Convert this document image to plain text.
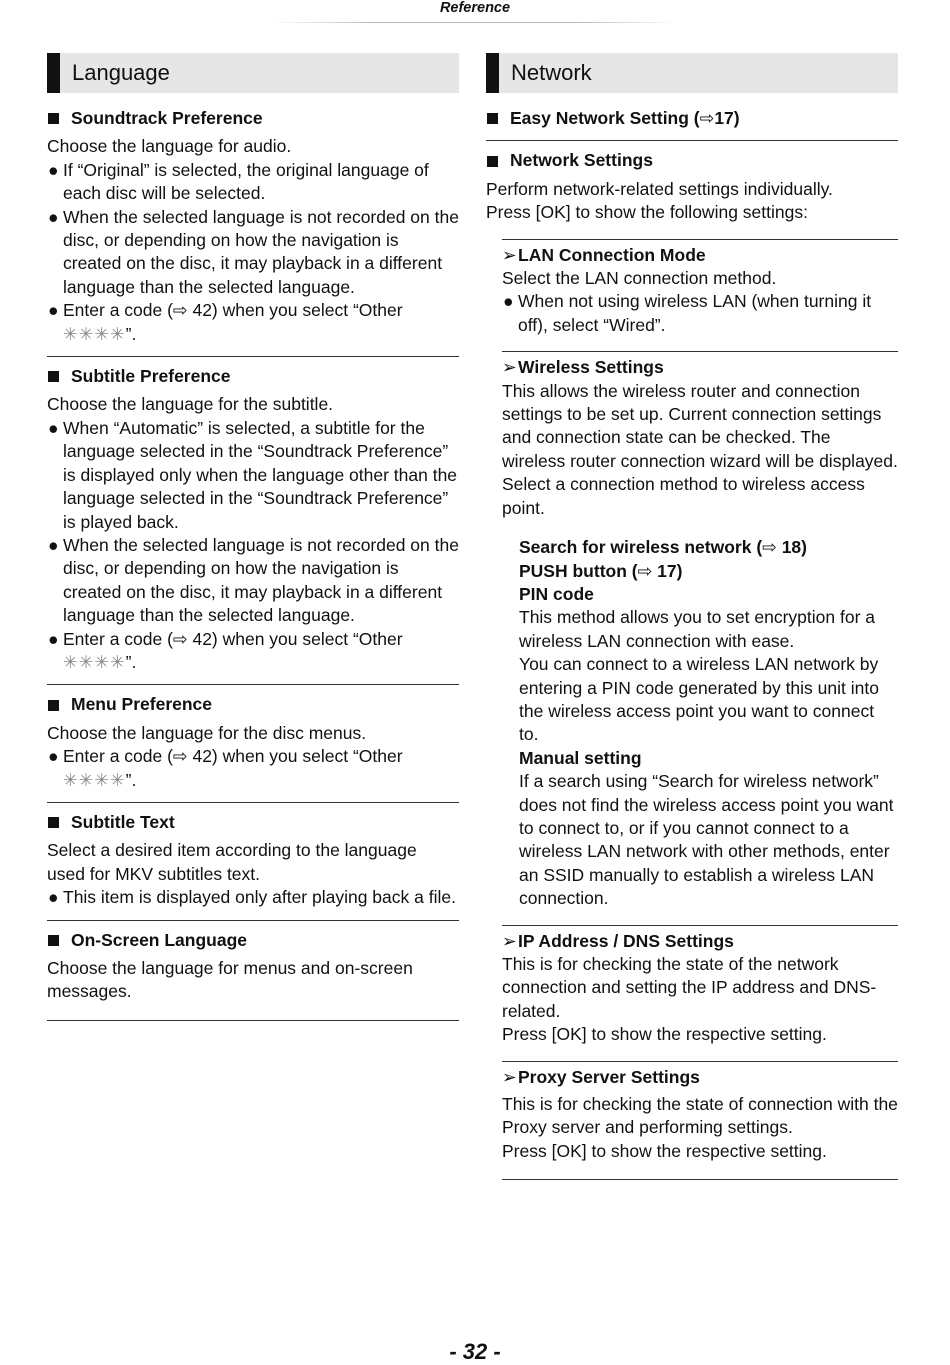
Reference
Language
Soundtrack Preference

Choose the language for audio.

● If “Original” is selected, the original language of each disc will be selected.
● When the selected language is not recorded on the disc, or depending on how the navigation is created on the disc, it may playback in a different language than the selected language.
● Enter a code (⇨ 42) when you select “Other
✳✳✳✳”.
Subtitle Preference

Choose the language for the subtitle.

● When “Automatic” is selected, a subtitle for the language selected in the “Soundtrack Preference” is displayed only when the language other than the language selected in the “Soundtrack Preference” is played back.
● When the selected language is not recorded on the disc, or depending on how the navigation is created on the disc, it may playback in a different language than the selected language.
● Enter a code (⇨ 42) when you select “Other
✳✳✳✳”.
Menu Preference

Choose the language for the disc menus.

● Enter a code (⇨ 42) when you select “Other
✳✳✳✳”.
Subtitle Text

Select a desired item according to the language used for MKV subtitles text.

● This item is displayed only after playing back a file.
On-Screen Language

Choose the language for menus and on-screen messages.

Network
Easy Network Setting ( ⇨ 17)
Network Settings

Perform network-related settings individually.

Press [OK] to show the following settings:

➢ LAN Connection Mode

Select the LAN connection method.

● When not using wireless LAN (when turning it off), select “Wired”.
➢ Wireless Settings

This allows the wireless router and connection settings to be set up. Current connection settings and connection state can be checked. The wireless router connection wizard will be displayed.

Select a connection method to wireless access point.

Search for wireless network (⇨ 18)
PUSH button (⇨ 17)
PIN code

This method allows you to set encryption for a wireless LAN connection with ease.

You can connect to a wireless LAN network by entering a PIN code generated by this unit into the wireless access point you want to connect to.

Manual setting

If a search using “Search for wireless network” does not find the wireless access point you want to connect to, or if you cannot connect to a wireless LAN network with other methods, enter an SSID manually to establish a wireless LAN connection.

➢ IP Address / DNS Settings

This is for checking the state of the network connection and setting the IP address and DNS-related.

Press [OK] to show the respective setting.

➢ Proxy Server Settings

This is for checking the state of connection with the Proxy server and performing settings.

Press [OK] to show the respective setting.

- 32 -
